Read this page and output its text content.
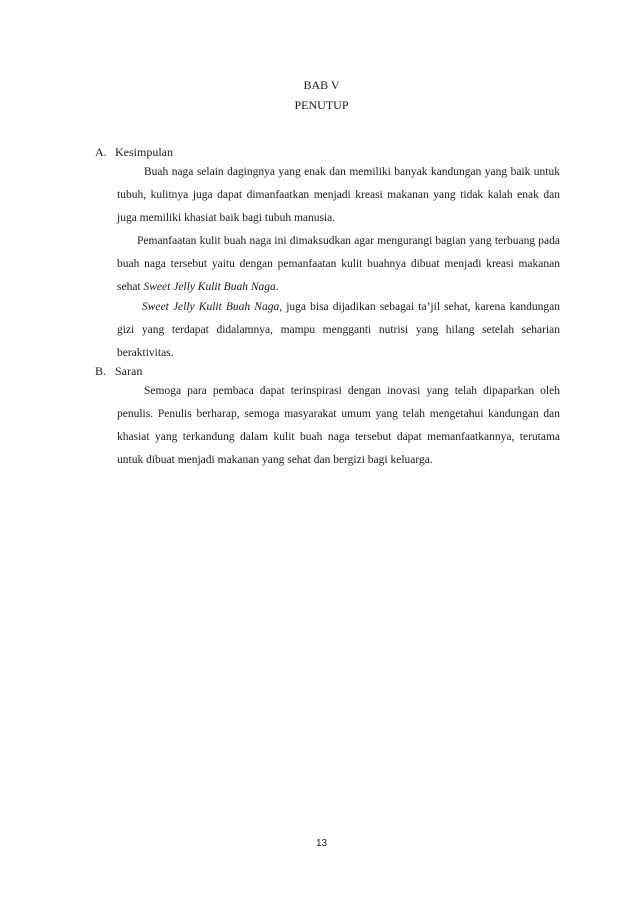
BAB V
PENUTUP
A. Kesimpulan

Buah naga selain dagingnya yang enak dan memiliki banyak kandungan yang baik untuk tubuh, kulitnya juga dapat dimanfaatkan menjadi kreasi makanan yang tidak kalah enak dan juga memiliki khasiat baik bagi tubuh manusia.

Pemanfaatan kulit buah naga ini dimaksudkan agar mengurangi bagian yang terbuang pada buah naga tersebut yaitu dengan pemanfaatan kulit buahnya dibuat menjadi kreasi makanan sehat Sweet Jelly Kulit Buah Naga.

Sweet Jelly Kulit Buah Naga, juga bisa dijadikan sebagai ta’jil sehat, karena kandungan gizi yang terdapat didalamnya, mampu mengganti nutrisi yang hilang setelah seharian beraktivitas.

B. Saran

Semoga para pembaca dapat terinspirasi dengan inovasi yang telah dipaparkan oleh penulis. Penulis berharap, semoga masyarakat umum yang telah mengetahui kandungan dan khasiat yang terkandung dalam kulit buah naga tersebut dapat memanfaatkannya, terutama untuk dibuat menjadi makanan yang sehat dan bergizi bagi keluarga.

13
